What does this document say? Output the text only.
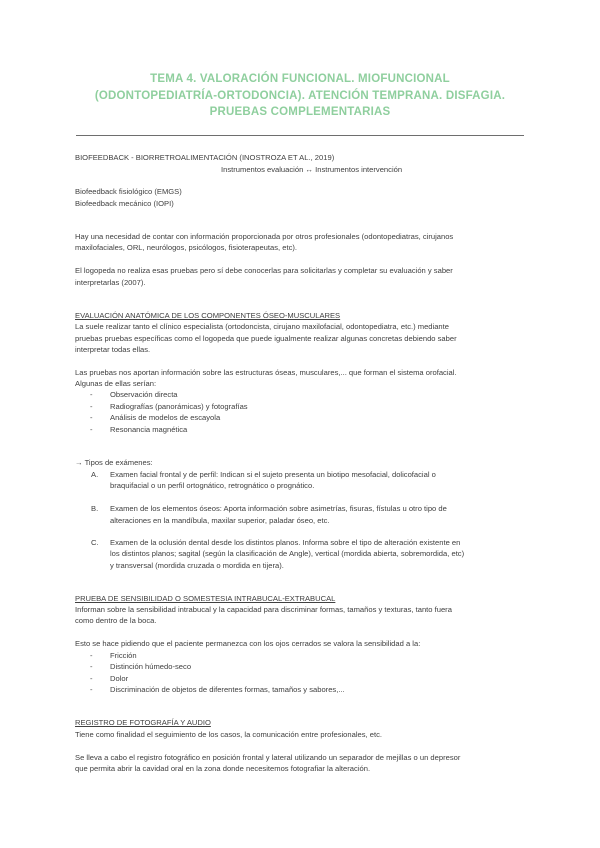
TEMA 4. VALORACIÓN FUNCIONAL. MIOFUNCIONAL
(ODONTOPEDIATRÍA-ORTODONCIA). ATENCIÓN TEMPRANA. DISFAGIA.
PRUEBAS COMPLEMENTARIAS
BIOFEEDBACK - BIORRETROALIMENTACIÓN (INOSTROZA ET AL., 2019)
Instrumentos evaluación ↔ Instrumentos intervención
Biofeedback fisiológico (EMGS)
Biofeedback mecánico (IOPI)
Hay una necesidad de contar con información proporcionada por otros profesionales (odontopediatras, cirujanos
maxilofaciales, ORL, neurólogos, psicólogos, fisioterapeutas, etc).
El logopeda no realiza esas pruebas pero sí debe conocerlas para solicitarlas y completar su evaluación y saber
interpretarlas (2007).
EVALUACIÓN ANATÓMICA DE LOS COMPONENTES ÓSEO-MUSCULARES
La suele realizar tanto el clínico especialista (ortodoncista, cirujano maxilofacial, odontopediatra, etc.) mediante
pruebas pruebas específicas como el logopeda que puede igualmente realizar algunas concretas debiendo saber
interpretar todas ellas.
Las pruebas nos aportan información sobre las estructuras óseas, musculares,... que forman el sistema orofacial.
Algunas de ellas serían:
- Observación directa
- Radiografías (panorámicas) y fotografías
- Análisis de modelos de escayola
- Resonancia magnética
→ Tipos de exámenes:
A. Examen facial frontal y de perfil: Indican si el sujeto presenta un biotipo mesofacial, dolicofacial o
braquifacial o un perfil ortognático, retrognático o prognático.
B. Examen de los elementos óseos: Aporta información sobre asimetrías, fisuras, fístulas u otro tipo de
alteraciones en la mandíbula, maxilar superior, paladar óseo, etc.
C. Examen de la oclusión dental desde los distintos planos. Informa sobre el tipo de alteración existente en
los distintos planos; sagital (según la clasificación de Angle), vertical (mordida abierta, sobremordida, etc)
y transversal (mordida cruzada o mordida en tijera).
PRUEBA DE SENSIBILIDAD O SOMESTESIA INTRABUCAL-EXTRABUCAL
Informan sobre la sensibilidad intrabucal y la capacidad para discriminar formas, tamaños y texturas, tanto fuera
como dentro de la boca.
Esto se hace pidiendo que el paciente permanezca con los ojos cerrados se valora la sensibilidad a la:
- Fricción
- Distinción húmedo-seco
- Dolor
- Discriminación de objetos de diferentes formas, tamaños y sabores,...
REGISTRO DE FOTOGRAFÍA Y AUDIO
Tiene como finalidad el seguimiento de los casos, la comunicación entre profesionales, etc.
Se lleva a cabo el registro fotográfico en posición frontal y lateral utilizando un separador de mejillas o un depresor
que permita abrir la cavidad oral en la zona donde necesitemos fotografiar la alteración.
